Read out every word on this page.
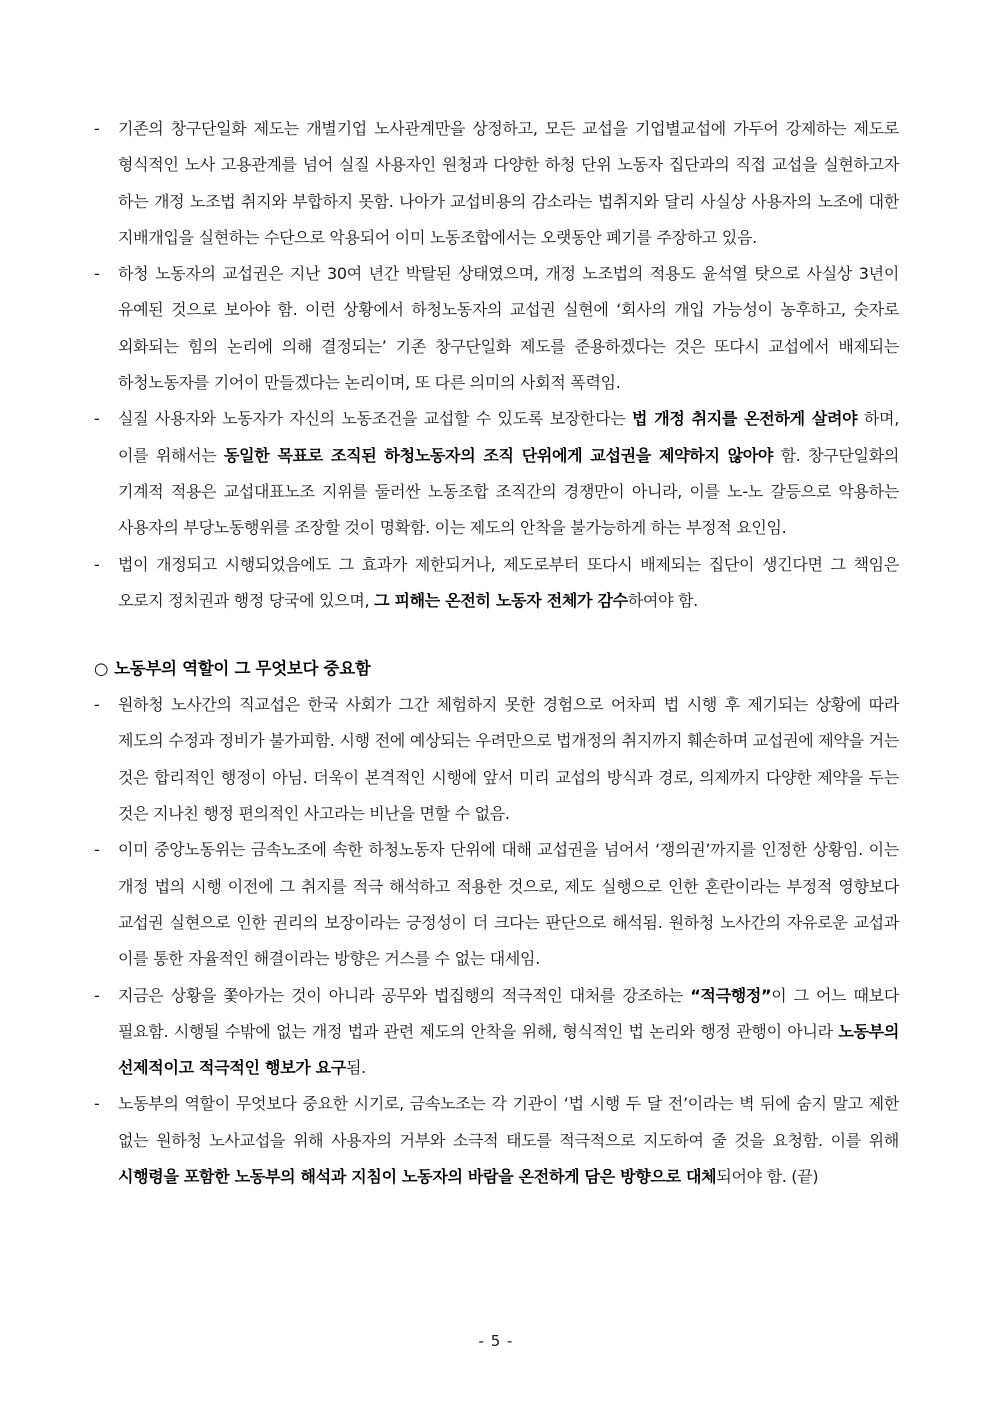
-	기존의 창구단일화 제도는 개별기업 노사관계만을 상정하고, 모든 교섭을 기업별교섭에 가두어 강제하는 제도로 형식적인 노사 고용관계를 넘어 실질 사용자인 원청과 다양한 하청 단위 노동자 집단과의 직접 교섭을 실현하고자 하는 개정 노조법 취지와 부합하지 못함. 나아가 교섭비용의 감소라는 법취지와 달리 사실상 사용자의 노조에 대한 지배개입을 실현하는 수단으로 악용되어 이미 노동조합에서는 오랫동안 폐기를 주장하고 있음.
-	하청 노동자의 교섭권은 지난 30여 년간 박탈된 상태였으며, 개정 노조법의 적용도 윤석열 탓으로 사실상 3년이 유예된 것으로 보아야 함. 이런 상황에서 하청노동자의 교섭권 실현에 ‘회사의 개입 가능성이 농후하고, 숫자로 외화되는 힘의 논리에 의해 결정되는’ 기존 창구단일화 제도를 준용하겠다는 것은 또다시 교섭에서 배제되는 하청노동자를 기어이 만들겠다는 논리이며, 또 다른 의미의 사회적 폭력임.
-	실질 사용자와 노동자가 자신의 노동조건을 교섭할 수 있도록 보장한다는 법 개정 취지를 온전하게 살려야 하며, 이를 위해서는 동일한 목표로 조직된 하청노동자의 조직 단위에게 교섭권을 제약하지 않아야 함. 창구단일화의 기계적 적용은 교섭대표노조 지위를 둘러싼 노동조합 조직간의 경쟁만이 아니라, 이를 노-노 갈등으로 악용하는 사용자의 부당노동행위를 조장할 것이 명확함. 이는 제도의 안착을 불가능하게 하는 부정적 요인임.
-	법이 개정되고 시행되었음에도 그 효과가 제한되거나, 제도로부터 또다시 배제되는 집단이 생긴다면 그 책임은 오로지 정치권과 행정 당국에 있으며, 그 피해는 온전히 노동자 전체가 감수하여야 함.
○ 노동부의 역할이 그 무엇보다 중요함
-	원하청 노사간의 직교섭은 한국 사회가 그간 체험하지 못한 경험으로 어차피 법 시행 후 제기되는 상황에 따라 제도의 수정과 정비가 불가피함. 시행 전에 예상되는 우려만으로 법개정의 취지까지 훼손하며 교섭권에 제약을 거는 것은 합리적인 행정이 아님. 더욱이 본격적인 시행에 앞서 미리 교섭의 방식과 경로, 의제까지 다양한 제약을 두는 것은 지나친 행정 편의적인 사고라는 비난을 면할 수 없음.
-	이미 중앙노동위는 금속노조에 속한 하청노동자 단위에 대해 교섭권을 넘어서 ‘쟁의권’까지를 인정한 상황임. 이는 개정 법의 시행 이전에 그 취지를 적극 해석하고 적용한 것으로, 제도 실행으로 인한 혼란이라는 부정적 영향보다 교섭권 실현으로 인한 권리의 보장이라는 긍정성이 더 크다는 판단으로 해석됨. 원하청 노사간의 자유로운 교섭과 이를 통한 자율적인 해결이라는 방향은 거스를 수 없는 대세임.
-	지금은 상황을 쫓아가는 것이 아니라 공무와 법집행의 적극적인 대처를 강조하는 “적극행정”이 그 어느 때보다 필요함. 시행될 수밖에 없는 개정 법과 관련 제도의 안착을 위해, 형식적인 법 논리와 행정 관행이 아니라 노동부의 선제적이고 적극적인 행보가 요구됨.
-	노동부의 역할이 무엇보다 중요한 시기로, 금속노조는 각 기관이 ‘법 시행 두 달 전’이라는 벽 뒤에 숨지 말고 제한 없는 원하청 노사교섭을 위해 사용자의 거부와 소극적 태도를 적극적으로 지도하여 줄 것을 요청함. 이를 위해 시행령을 포함한 노동부의 해석과 지침이 노동자의 바람을 온전하게 담은 방향으로 대체되어야 함. (끝)
- 5 -
